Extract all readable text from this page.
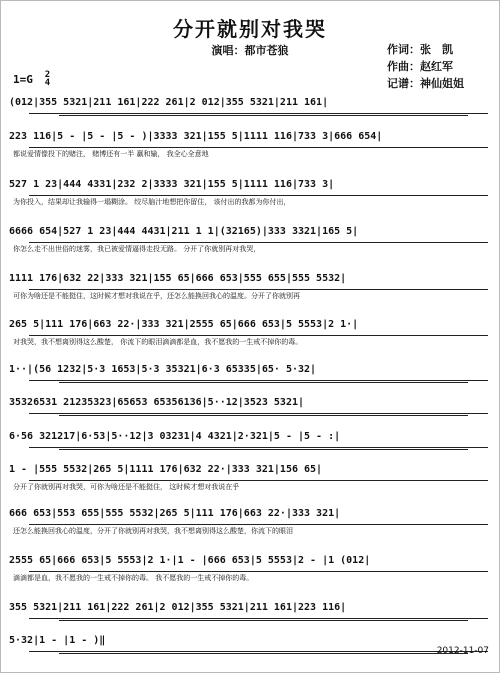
分开就别对我哭
演唱：都市苍狼	作词：张　凯
作曲：赵红军
记谱：神仙姐姐
1=G 2
4
(012|355 5321|211 161|222 261|2 012|355 5321|211 161|
223 116|5 - |5 - |5 - )|3333 321|155 5|1111 116|733 3|666 654|
都说爱情像投下的赌注， 赌博还有一半 赢和输， 我全心全意地
527 1 23|444 4331|232 2|3333 321|155 5|1111 116|733 3|
为你投入，结果却让我输得一塌糊涂。 绞尽脑汁地想把你留住， 该付出的我都为你付出，
6666 654|527 1 23|444 4431|211 1 1|(32165)|333 3321|165 5|
你怎么走不出世俗的迷雾，我已被爱情逼得走投无路。 分开了你就别再对我哭，
1111 176|632 22|333 321|155 65|666 653|555 655|555 5532|
可你为啥还是不能挺住，这时候才想对我说在乎，还怎么能换回我心的温度。分开了你就别再
265 5|111 176|663 22·|333 321|2555 65|666 653|5 5553|2 1·|
对我哭，我不想离别得这么酸楚， 你流下的眼泪滴滴都是血，我不愿我的一生戒不掉你的毒。
1··|(56 1232|5·3 1653|5·3 35321|6·3 65335|65· 5·32|
35326531 21235323|65653 65356136|5··12|3523 5321|
6·56 321217|6·53|5··12|3 03231|4 4321|2·321|5 - |5 - :|
1 - |555 5532|265 5|1111 176|632 22·|333 321|156 65|
分开了你就别再对我哭，可你为啥还是不能挺住， 这时候才想对我说在乎
666 653|553 655|555 5532|265 5|111 176|663 22·|333 321|
还怎么能换回我心的温度，分开了你就别再对我哭，我不想离别得这么酸楚，你流下的眼泪
2555 65|666 653|5 5553|2 1·|1 - |666 653|5 5553|2 - |1 (012|
滴滴都是血，我不愿我的一生戒不掉你的毒。 我不愿我的一生戒不掉你的毒。
355 5321|211 161|222 261|2 012|355 5321|211 161|223 116|
5·32|1 - |1 - )‖
2012-11-07
